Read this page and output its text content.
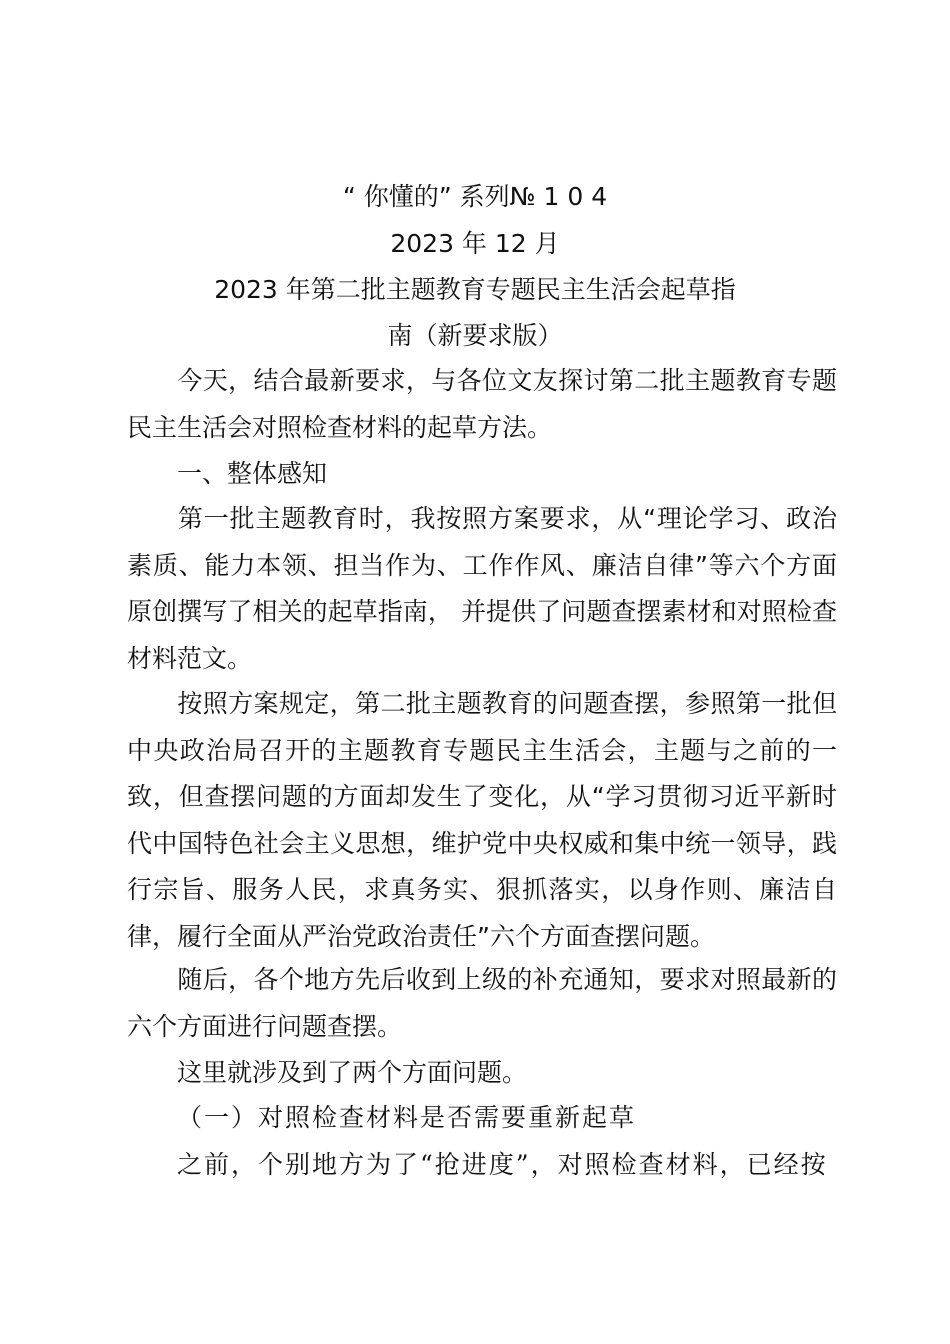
“ 你懂的” 系列№ 1 0 4
2023 年 12 月
2023 年第二批主题教育专题民主生活会起草指
南（新要求版）

今天，结合最新要求，与各位文友探讨第二批主题教育专题民主生活会对照检查材料的起草方法。

一、整体感知

第一批主题教育时，我按照方案要求，从“理论学习、政治素质、能力本领、担当作为、工作作风、廉洁自律”等六个方面原创撰写了相关的起草指南， 并提供了问题查摆素材和对照检查材料范文。

按照方案规定，第二批主题教育的问题查摆，参照第一批但中央政治局召开的主题教育专题民主生活会，主题与之前的一致，但查摆问题的方面却发生了变化，从“学习贯彻习近平新时代中国特色社会主义思想，维护党中央权威和集中统一领导，践行宗旨、服务人民，求真务实、狠抓落实，以身作则、廉洁自律，履行全面从严治党政治责任”六个方面查摆问题。

随后，各个地方先后收到上级的补充通知，要求对照最新的六个方面进行问题查摆。

这里就涉及到了两个方面问题。
（一）对照检查材料是否需要重新起草
之前，个别地方为了“抢进度”，对照检查材料，已经按
